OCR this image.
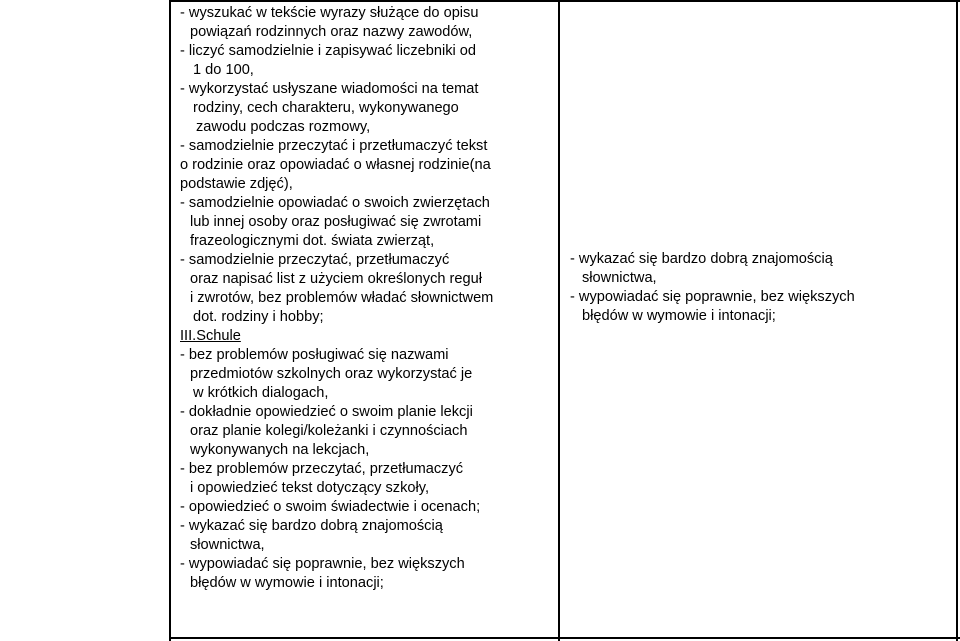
- wyszukać w tekście wyrazy służące do opisu
powiązań rodzinnych oraz nazwy zawodów,
- liczyć samodzielnie i zapisywać liczebniki od
1 do 100,
- wykorzystać usłyszane wiadomości na temat
rodziny, cech charakteru, wykonywanego
zawodu podczas rozmowy,
- samodzielnie przeczytać i przetłumaczyć tekst
o rodzinie oraz opowiadać o własnej rodzinie(na
podstawie zdjęć),
- samodzielnie opowiadać o swoich zwierzętach
lub innej osoby oraz posługiwać się zwrotami
frazeologicznymi dot. świata zwierząt,
- samodzielnie przeczytać, przetłumaczyć
oraz napisać list z użyciem określonych reguł
i zwrotów, bez problemów władać słownictwem
dot. rodziny i hobby;
III.Schule
- bez problemów posługiwać się nazwami
przedmiotów szkolnych oraz wykorzystać je
w krótkich dialogach,
- dokładnie opowiedzieć o swoim planie lekcji
oraz planie kolegi/koleżanki i czynnościach
wykonywanych na lekcjach,
- bez problemów przeczytać, przetłumaczyć
i opowiedzieć tekst dotyczący szkoły,
- opowiedzieć o swoim świadectwie i ocenach;
- wykazać się bardzo dobrą znajomością
słownictwa,
- wypowiadać się poprawnie, bez większych
błędów w wymowie i intonacji;
- wykazać się bardzo dobrą znajomością
słownictwa,
- wypowiadać się poprawnie, bez większych
błędów w wymowie i intonacji;
